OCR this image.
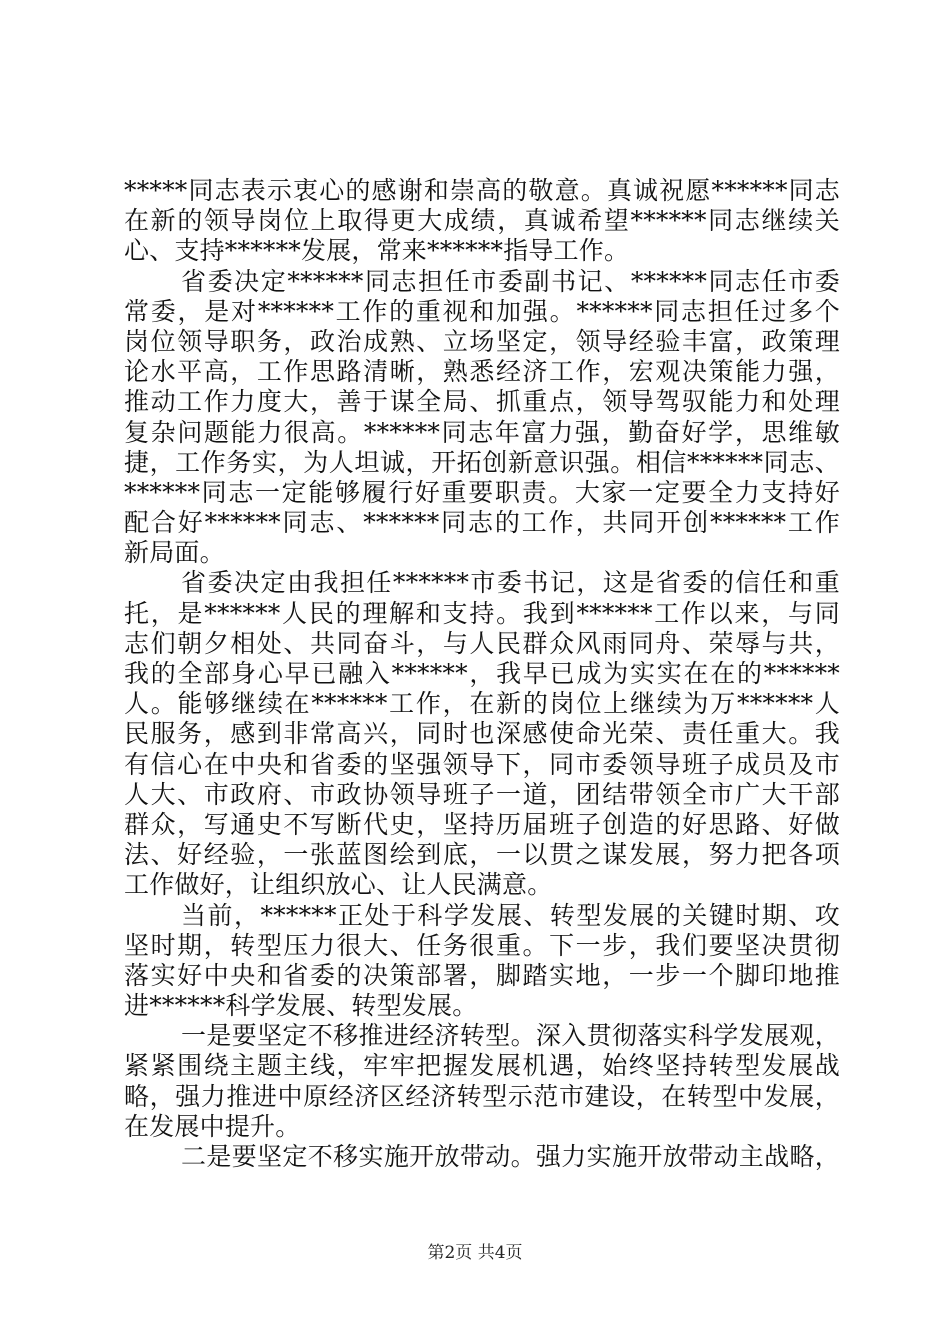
*****同志表示衷心的感谢和崇高的敬意。真诚祝愿******同志
在新的领导岗位上取得更大成绩，真诚希望******同志继续关
心、支持******发展，常来******指导工作。
省委决定******同志担任市委副书记、******同志任市委
常委，是对******工作的重视和加强。******同志担任过多个
岗位领导职务，政治成熟、立场坚定，领导经验丰富，政策理
论水平高，工作思路清晰，熟悉经济工作，宏观决策能力强，
推动工作力度大，善于谋全局、抓重点，领导驾驭能力和处理
复杂问题能力很高。******同志年富力强，勤奋好学，思维敏
捷，工作务实，为人坦诚，开拓创新意识强。相信******同志、
******同志一定能够履行好重要职责。大家一定要全力支持好
配合好******同志、******同志的工作，共同开创******工作
新局面。
省委决定由我担任******市委书记，这是省委的信任和重
托，是******人民的理解和支持。我到******工作以来，与同
志们朝夕相处、共同奋斗，与人民群众风雨同舟、荣辱与共，
我的全部身心早已融入******，我早已成为实实在在的******
人。能够继续在******工作，在新的岗位上继续为万******人
民服务，感到非常高兴，同时也深感使命光荣、责任重大。我
有信心在中央和省委的坚强领导下，同市委领导班子成员及市
人大、市政府、市政协领导班子一道，团结带领全市广大干部
群众，写通史不写断代史，坚持历届班子创造的好思路、好做
法、好经验，一张蓝图绘到底，一以贯之谋发展，努力把各项
工作做好，让组织放心、让人民满意。
当前，******正处于科学发展、转型发展的关键时期、攻
坚时期，转型压力很大、任务很重。下一步，我们要坚决贯彻
落实好中央和省委的决策部署，脚踏实地，一步一个脚印地推
进******科学发展、转型发展。
一是要坚定不移推进经济转型。深入贯彻落实科学发展观，
紧紧围绕主题主线，牢牢把握发展机遇，始终坚持转型发展战
略，强力推进中原经济区经济转型示范市建设，在转型中发展，
在发展中提升。
二是要坚定不移实施开放带动。强力实施开放带动主战略，
第2页 共4页
